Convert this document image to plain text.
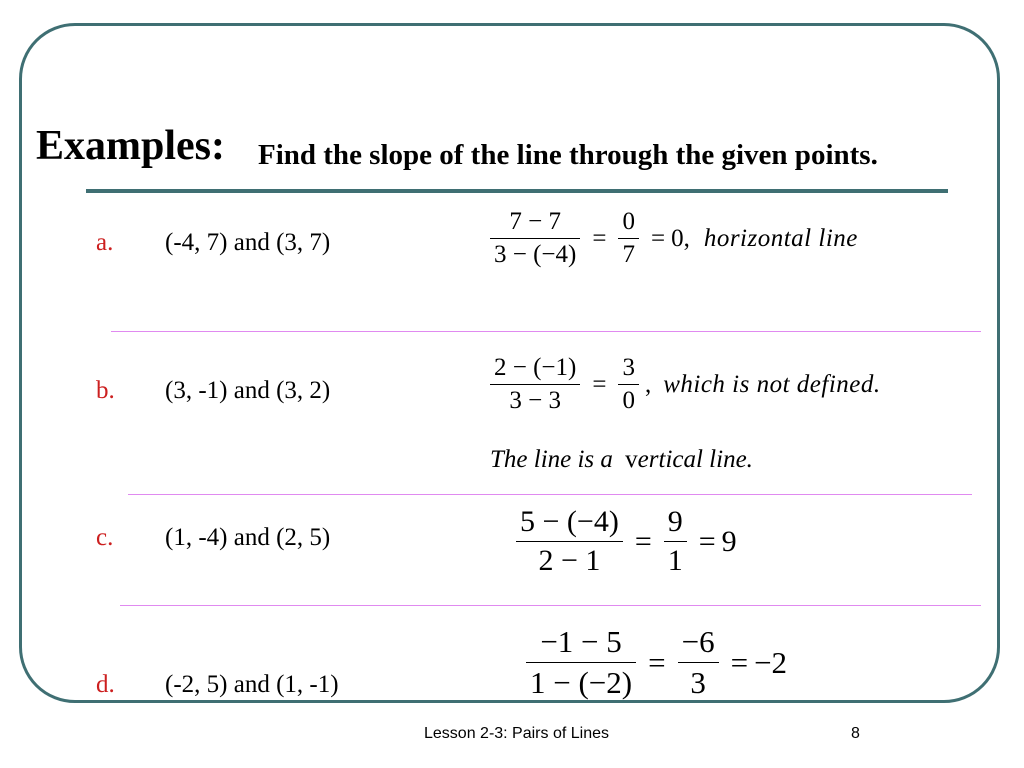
Examples: Find the slope of the line through the given points.
a. (-4, 7) and (3, 7)	$\frac{7 - 7}{3 - (-4)} = \frac{0}{7} = 0$, horizontal line
b. (3, -1) and (3, 2)	$\frac{2 - (-1)}{3 - 3} = \frac{3}{0}$ , which is not defined.
The line is a vertical line.
c. (1, -4) and (2, 5)	$\frac{5 - (-4)}{2 - 1} = \frac{9}{1} = 9$
d. (-2, 5) and (1, -1)	$\frac{-1 - 5}{1 - (-2)} = \frac{-6}{3} = -2$
Lesson 2-3: Pairs of Lines	8
